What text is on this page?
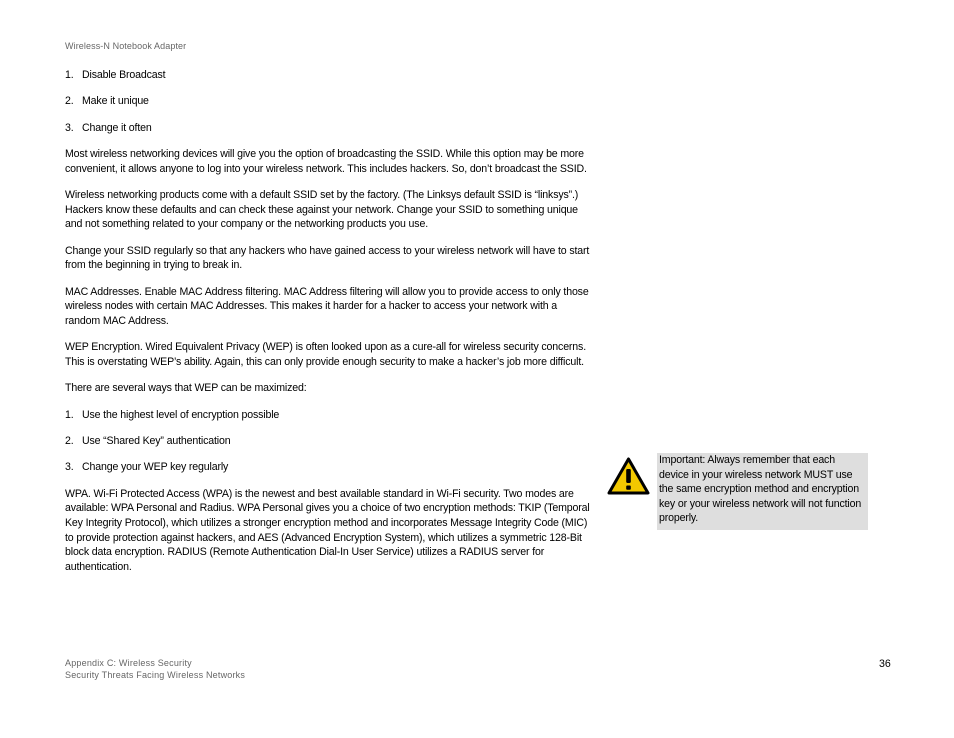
Wireless-N Notebook Adapter
1. Disable Broadcast
2. Make it unique
3. Change it often

Most wireless networking devices will give you the option of broadcasting the SSID. While this option may be more convenient, it allows anyone to log into your wireless network. This includes hackers. So, don’t broadcast the SSID.

Wireless networking products come with a default SSID set by the factory. (The Linksys default SSID is “linksys”.) Hackers know these defaults and can check these against your network. Change your SSID to something unique and not something related to your company or the networking products you use.

Change your SSID regularly so that any hackers who have gained access to your wireless network will have to start from the beginning in trying to break in.

MAC Addresses. Enable MAC Address filtering. MAC Address filtering will allow you to provide access to only those wireless nodes with certain MAC Addresses. This makes it harder for a hacker to access your network with a random MAC Address.

WEP Encryption. Wired Equivalent Privacy (WEP) is often looked upon as a cure-all for wireless security concerns. This is overstating WEP’s ability. Again, this can only provide enough security to make a hacker’s job more difficult.

There are several ways that WEP can be maximized:

1. Use the highest level of encryption possible
2. Use “Shared Key” authentication
3. Change your WEP key regularly

WPA. Wi-Fi Protected Access (WPA) is the newest and best available standard in Wi-Fi security. Two modes are available: WPA Personal and Radius. WPA Personal gives you a choice of two encryption methods: TKIP (Temporal Key Integrity Protocol), which utilizes a stronger encryption method and incorporates Message Integrity Code (MIC) to provide protection against hackers, and AES (Advanced Encryption System), which utilizes a symmetric 128-Bit block data encryption. RADIUS (Remote Authentication Dial-In User Service) utilizes a RADIUS server for authentication.

Important: Always remember that each device in your wireless network MUST use the same encryption method and encryption key or your wireless network will not function properly.
Appendix C: Wireless Security
Security Threats Facing Wireless Networks
36
